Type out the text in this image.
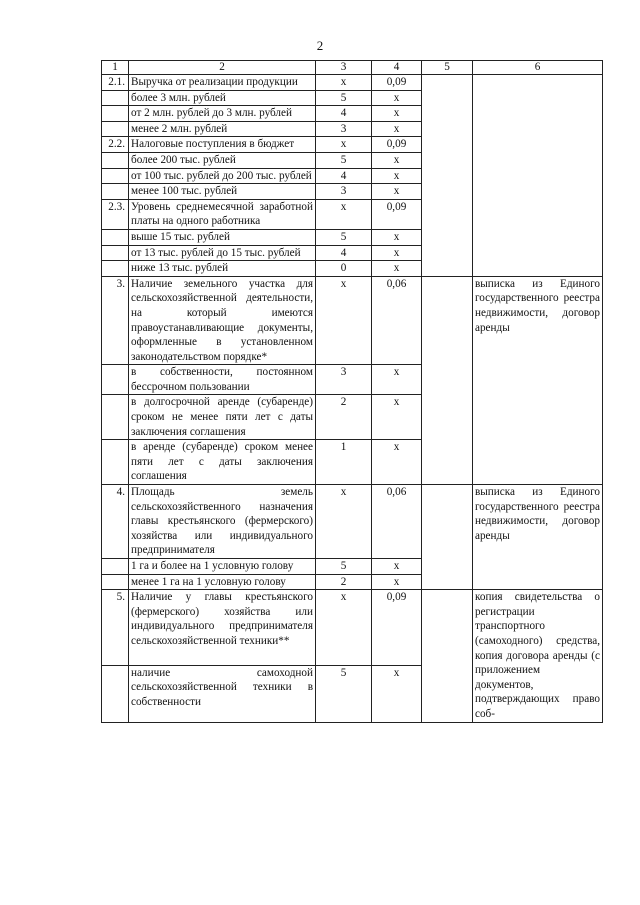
2
1	2	3	4	5	6
2.1.	Выручка от реализации продукции	x	0,09		
	более 3 млн. рублей	5	x		
	от 2 млн. рублей до 3 млн. рублей	4	x		
	менее 2 млн. рублей	3	x		
2.2.	Налоговые поступления в бюджет	x	0,09		
	более 200 тыс. рублей	5	x		
	от 100 тыс. рублей до 200 тыс. рублей	4	x		
	менее 100 тыс. рублей	3	x		
2.3.	Уровень среднемесячной заработной платы на одного работника	x	0,09		
	выше 15 тыс. рублей	5	x		
	от 13 тыс. рублей до 15 тыс. рублей	4	x		
	ниже 13 тыс. рублей	0	x		
3.	Наличие земельного участка для сельскохозяйственной деятельности, на который имеются правоустанавливающие документы, оформленные в установленном законодательством порядке*	x	0,06		выписка из Единого государственного реестра недвижимости, договор аренды
	в собственности, постоянном бессрочном пользовании	3	x		
	в долгосрочной аренде (субаренде) сроком не менее пяти лет с даты заключения соглашения	2	x		
	в аренде (субаренде) сроком менее пяти лет с даты заключения соглашения	1	x		
4.	Площадь земель сельскохозяйственного назначения главы крестьянского (фермерского) хозяйства или индивидуального предпринимателя	x	0,06		выписка из Единого государственного реестра недвижимости, договор аренды
	1 га и более на 1 условную голову	5	x		
	менее 1 га на 1 условную голову	2	x		
5.	Наличие у главы крестьянского (фермерского) хозяйства или индивидуального предпринимателя сельскохозяйственной техники**	x	0,09		копия свидетельства о регистрации транспортного (самоходного) средства, копия договора аренды (с приложением документов, подтверждающих право соб-
	наличие самоходной сельскохозяйственной техники в собственности	5	x		
